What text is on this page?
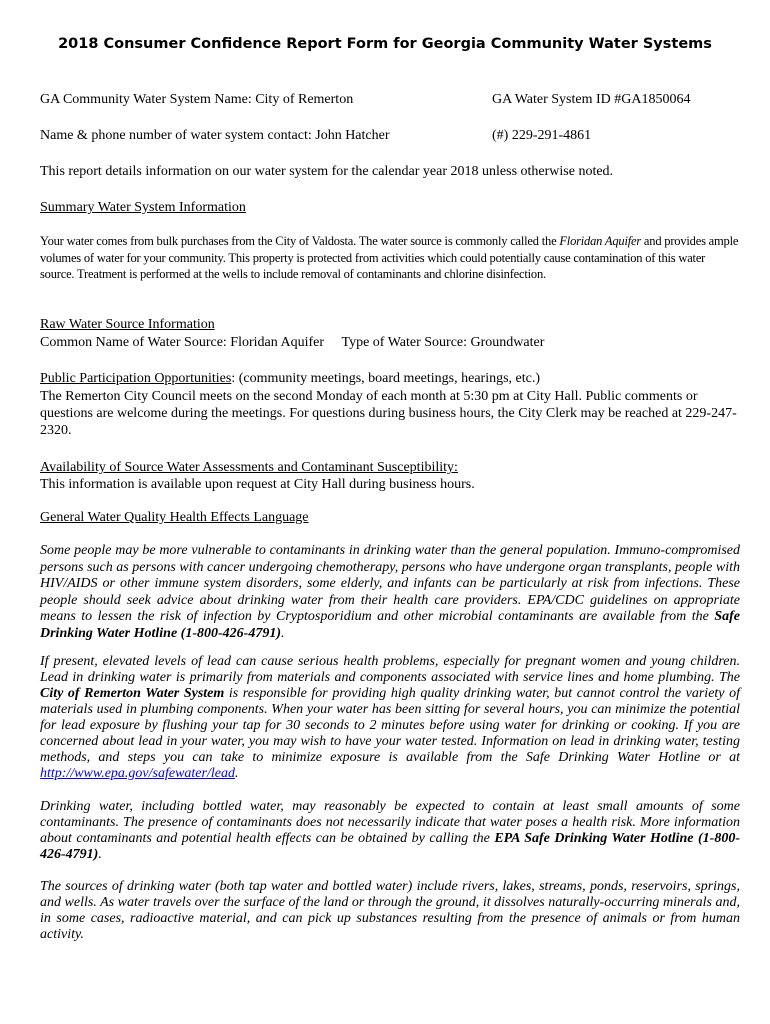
2018 Consumer Confidence Report Form for Georgia Community Water Systems
GA Community Water System Name: City of Remerton	GA Water System ID #GA1850064
Name & phone number of water system contact: John Hatcher	(#) 229-291-4861
This report details information on our water system for the calendar year 2018 unless otherwise noted.
Summary Water System Information
Your water comes from bulk purchases from the City of Valdosta. The water source is commonly called the Floridan Aquifer and provides ample volumes of water for your community. This property is protected from activities which could potentially cause contamination of this water source. Treatment is performed at the wells to include removal of contaminants and chlorine disinfection.
Raw Water Source Information
Common Name of Water Source: Floridan Aquifer Type of Water Source: Groundwater
Public Participation Opportunities: (community meetings, board meetings, hearings, etc.)
The Remerton City Council meets on the second Monday of each month at 5:30 pm at City Hall. Public comments or questions are welcome during the meetings. For questions during business hours, the City Clerk may be reached at 229-247-2320.
Availability of Source Water Assessments and Contaminant Susceptibility:
This information is available upon request at City Hall during business hours.
General Water Quality Health Effects Language
Some people may be more vulnerable to contaminants in drinking water than the general population. Immuno-compromised persons such as persons with cancer undergoing chemotherapy, persons who have undergone organ transplants, people with HIV/AIDS or other immune system disorders, some elderly, and infants can be particularly at risk from infections. These people should seek advice about drinking water from their health care providers. EPA/CDC guidelines on appropriate means to lessen the risk of infection by Cryptosporidium and other microbial contaminants are available from the Safe Drinking Water Hotline (1-800-426-4791).
If present, elevated levels of lead can cause serious health problems, especially for pregnant women and young children. Lead in drinking water is primarily from materials and components associated with service lines and home plumbing. The City of Remerton Water System is responsible for providing high quality drinking water, but cannot control the variety of materials used in plumbing components. When your water has been sitting for several hours, you can minimize the potential for lead exposure by flushing your tap for 30 seconds to 2 minutes before using water for drinking or cooking. If you are concerned about lead in your water, you may wish to have your water tested. Information on lead in drinking water, testing methods, and steps you can take to minimize exposure is available from the Safe Drinking Water Hotline or at http://www.epa.gov/safewater/lead.
Drinking water, including bottled water, may reasonably be expected to contain at least small amounts of some contaminants. The presence of contaminants does not necessarily indicate that water poses a health risk. More information about contaminants and potential health effects can be obtained by calling the EPA Safe Drinking Water Hotline (1-800-426-4791).
The sources of drinking water (both tap water and bottled water) include rivers, lakes, streams, ponds, reservoirs, springs, and wells. As water travels over the surface of the land or through the ground, it dissolves naturally-occurring minerals and, in some cases, radioactive material, and can pick up substances resulting from the presence of animals or from human activity.
